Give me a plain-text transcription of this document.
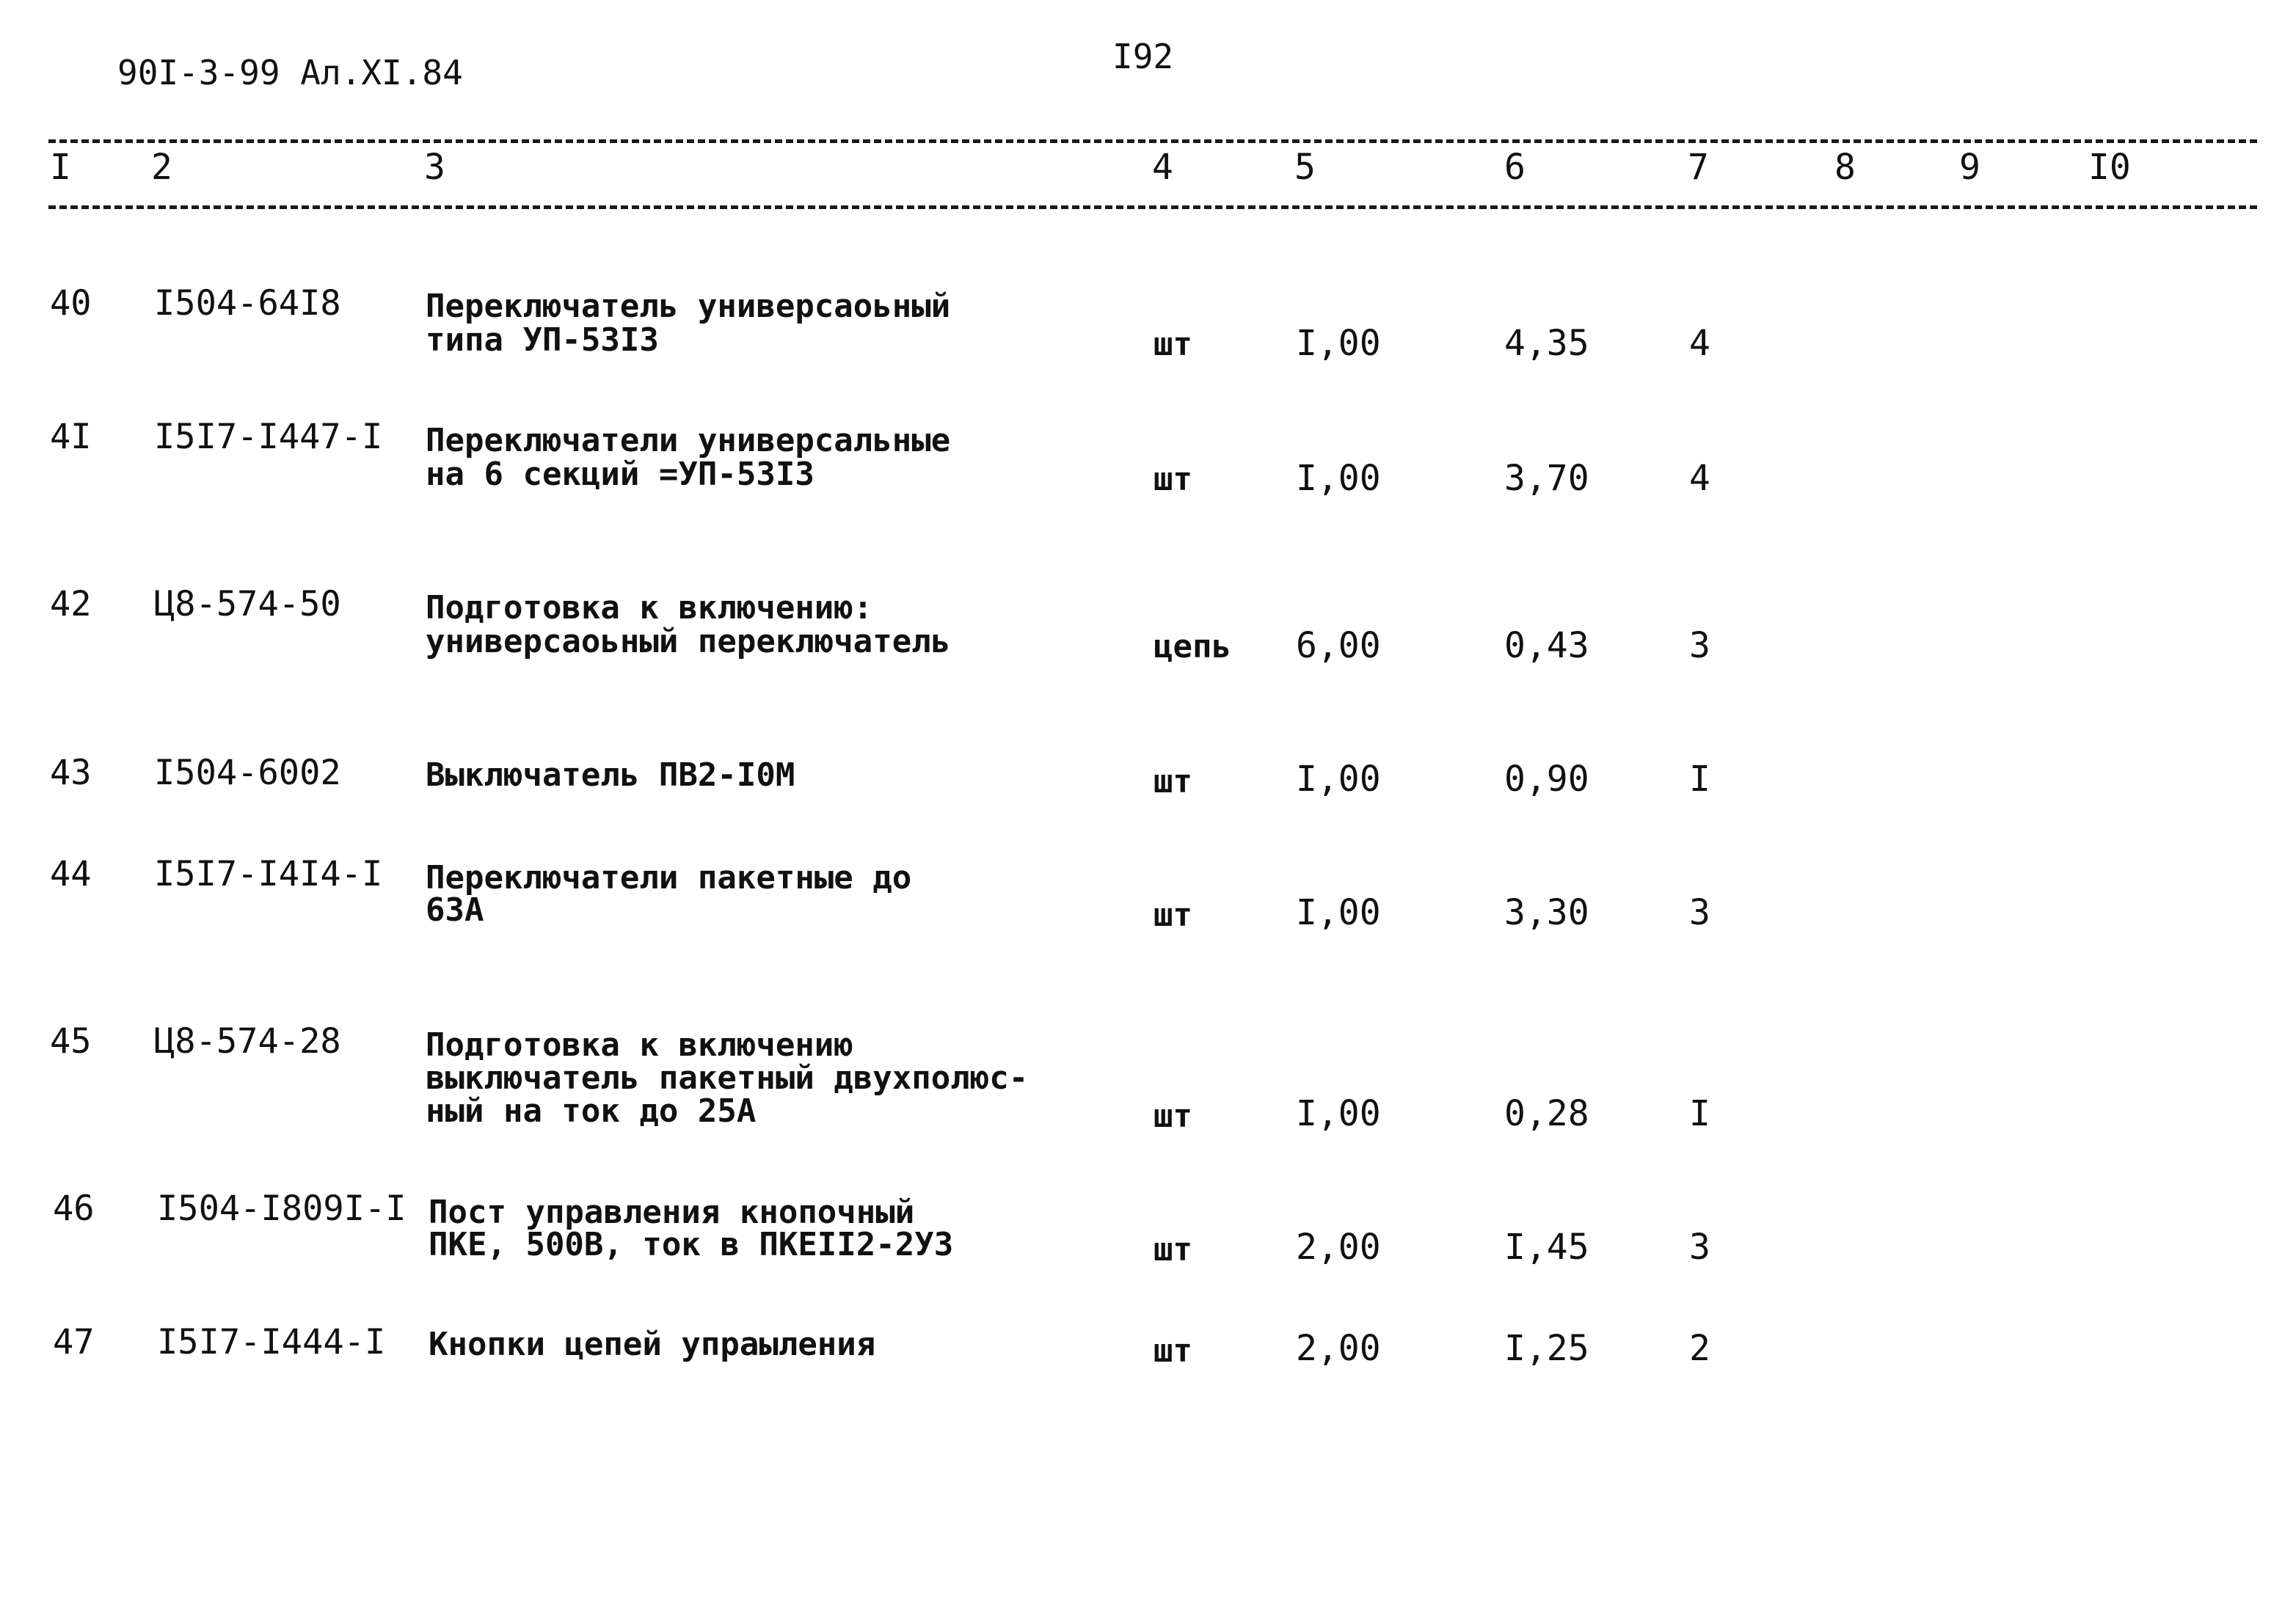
90I-3-99 Ал.XI.84	I92
I 2	3	4	5	6	7	8	9	I0
40 I504-64I8	Переключатель универсаоьный
типа УП-53I3	шт	I,00	4,35	4
4I I5I7-I447-I Переключатели универсальные
на 6 секций =УП-53I3	шт	I,00	3,70	4
42 Ц8-574-50	Подготовка к включению:
универсаоьный переключатель	цепь 6,00	0,43	3
43 I504-6002	Выключатель ПВ2-I0М	шт	I,00	0,90	I
44 I5I7-I4I4-I Переключатели пакетные до
63А	шт	I,00	3,30	3
45 Ц8-574-28	Подготовка к включению
выключатель пакетный двухполюс-
ный на ток до 25А	шт	I,00	0,28	I
46 I504-I809I-I Пост управления кнопочный
ПКЕ, 500В, ток в ПКЕII2-2У3	шт	2,00	I,45	3
47 I5I7-I444-I Кнопки цепей упраыления	шт	2,00	I,25	2
